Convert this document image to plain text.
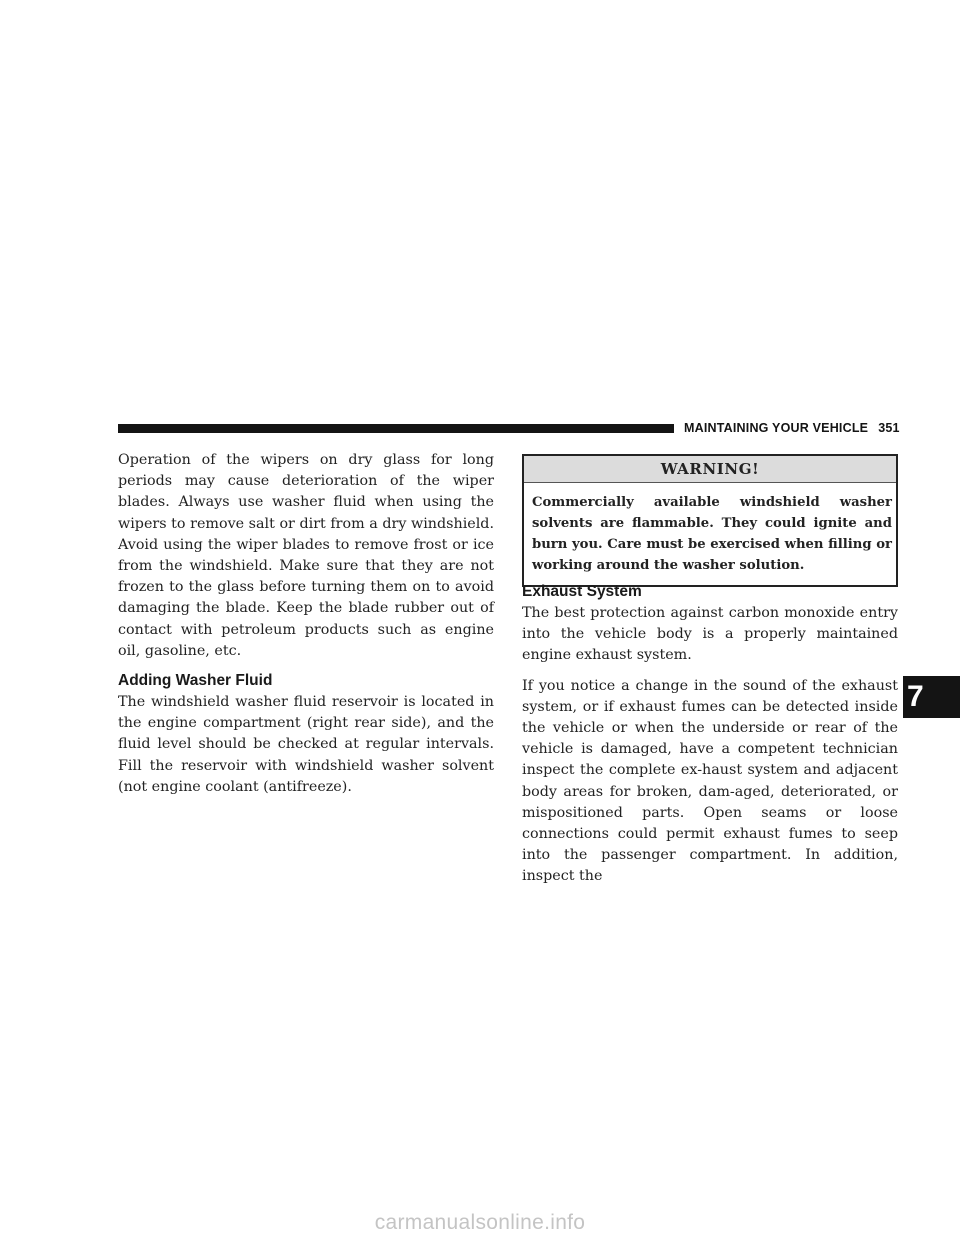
MAINTAINING YOUR VEHICLE 351

Operation of the wipers on dry glass for long periods may cause deterioration of the wiper blades. Always use washer fluid when using the wipers to remove salt or dirt from a dry windshield. Avoid using the wiper blades to remove frost or ice from the windshield. Make sure that they are not frozen to the glass before turning them on to avoid damaging the blade. Keep the blade rubber out of contact with petroleum products such as engine oil, gasoline, etc.

Adding Washer Fluid

The windshield washer fluid reservoir is located in the engine compartment (right rear side), and the fluid level should be checked at regular intervals. Fill the reservoir with windshield washer solvent (not engine coolant (antifreeze).

WARNING!
Commercially available windshield washer solvents are flammable. They could ignite and burn you. Care must be exercised when filling or working around the washer solution.
Exhaust System

The best protection against carbon monoxide entry into the vehicle body is a properly maintained engine exhaust system.

If you notice a change in the sound of the exhaust system, or if exhaust fumes can be detected inside the vehicle or when the underside or rear of the vehicle is damaged, have a competent technician inspect the complete ex-haust system and adjacent body areas for broken, dam-aged, deteriorated, or mispositioned parts. Open seams or loose connections could permit exhaust fumes to seep into the passenger compartment. In addition, inspect the

7
carmanualsonline.info
